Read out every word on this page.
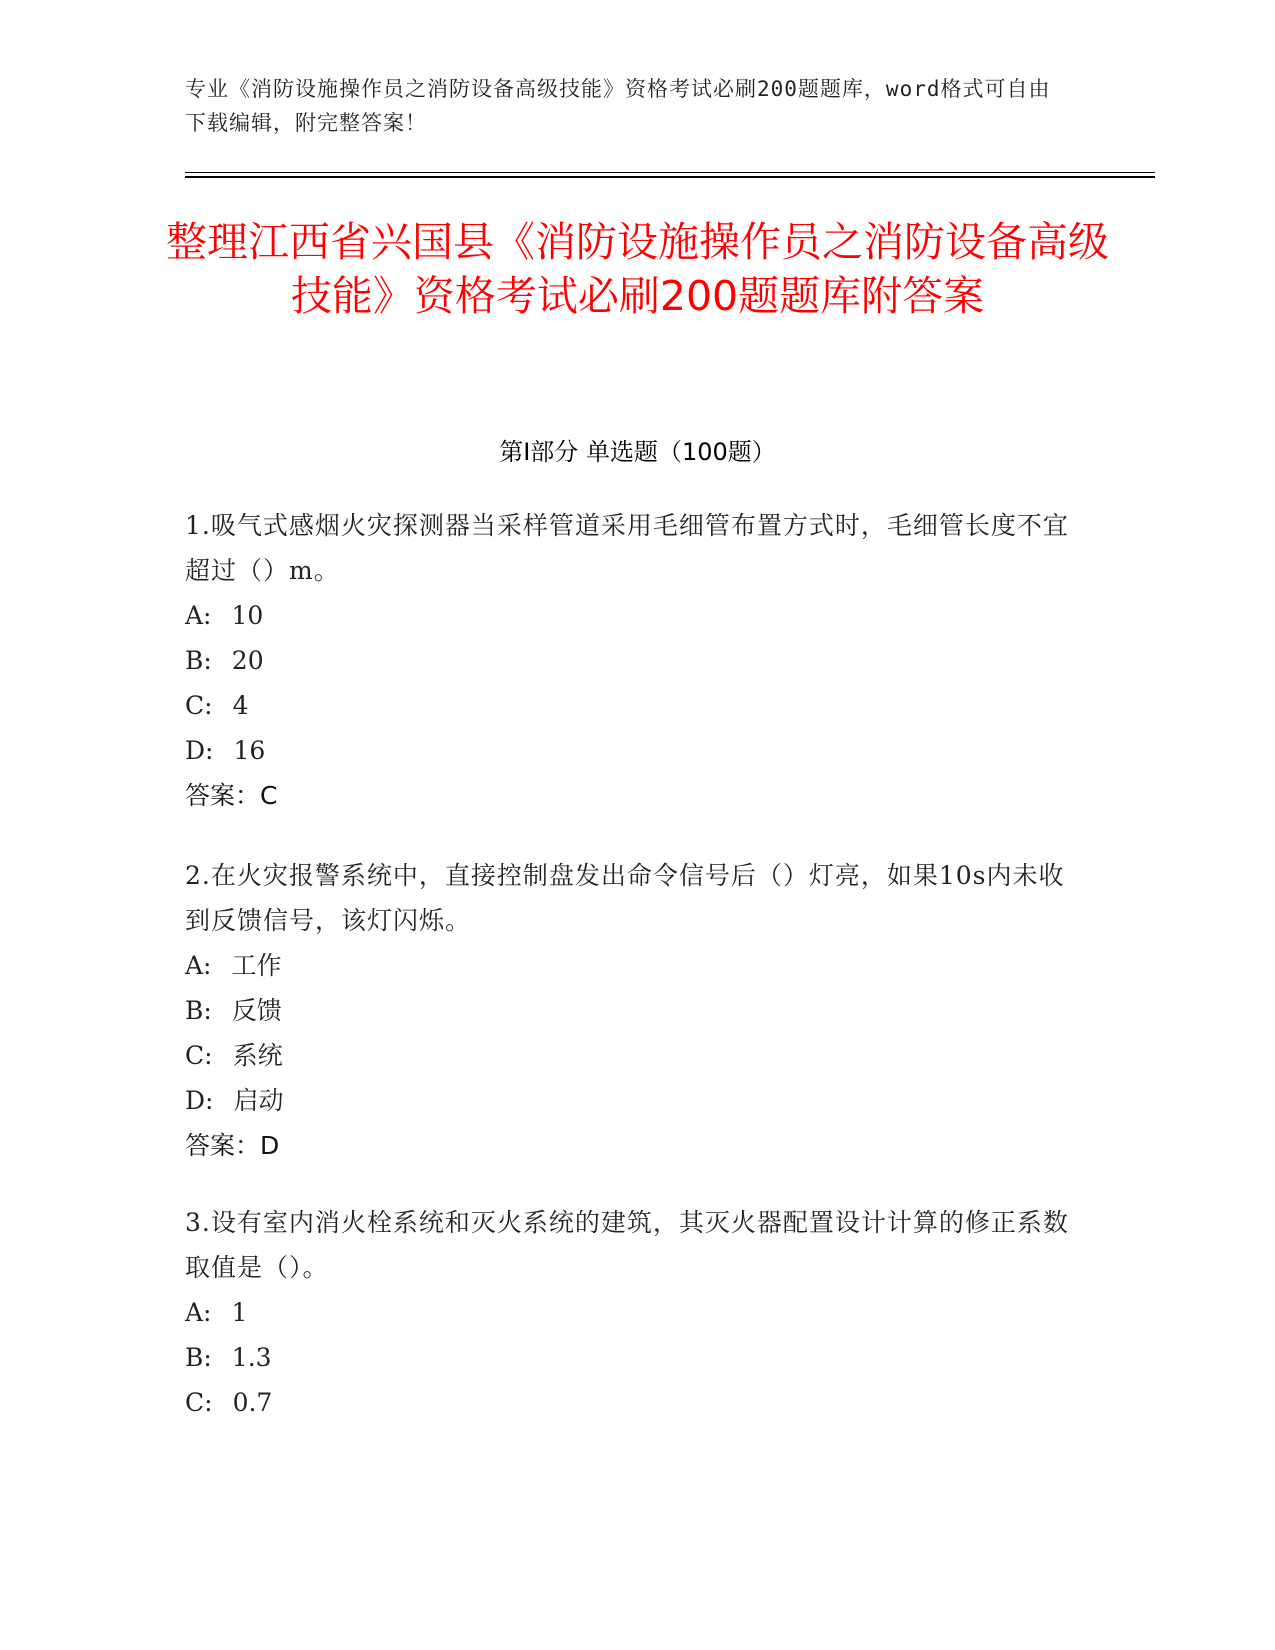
专业《消防设施操作员之消防设备高级技能》资格考试必刷200题题库，word格式可自由下载编辑，附完整答案！
整理江西省兴国县《消防设施操作员之消防设备高级技能》资格考试必刷200题题库附答案
第Ⅰ部分 单选题（100题）
1.吸气式感烟火灾探测器当采样管道采用毛细管布置方式时，毛细管长度不宜超过（）m。
A: 10
B: 20
C: 4
D: 16
答案：C
2.在火灾报警系统中，直接控制盘发出命令信号后（）灯亮，如果10s内未收到反馈信号，该灯闪烁。
A: 工作
B: 反馈
C: 系统
D: 启动
答案：D
3.设有室内消火栓系统和灭火系统的建筑，其灭火器配置设计计算的修正系数取值是（）。
A: 1
B: 1.3
C: 0.7
